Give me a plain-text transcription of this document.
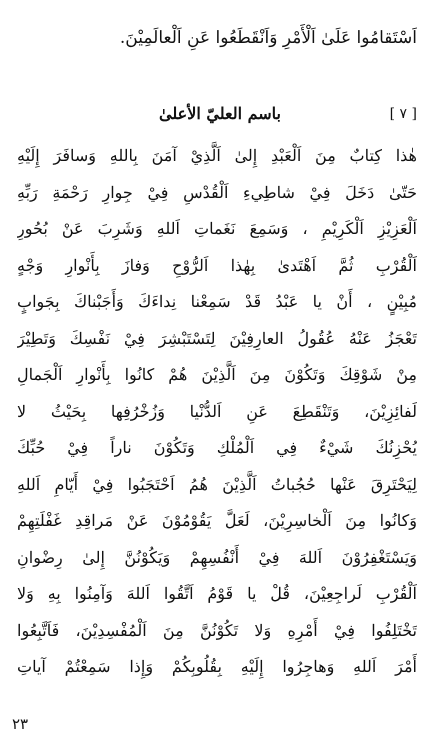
اَسْتَقامُوا عَلَىٰ اَلْأَمْرِ وَاَنْقَطَعُوا عَنِ اَلْعالَمِيْنَ.
[ ٧ ]
باسم العليّ الأعلىٰ
هٰذا كِتابٌ مِنَ اَلْعَبْدِ إِلىٰ اَلَّذِيْ آمَنَ بِاللهِ وَسافَرَ إِلَيْهِ
حَتّىٰ دَخَلَ فِيْ شاطِيءِ اَلْقُدْسِ فِيْ جِوارِ رَحْمَةِ رَبِّهِ
اَلْعَزِيْزِ اَلْكَرِيْمِ ، وَسَمِعَ نَغَماتِ اَللهِ وَشَرِبَ عَنْ بُحُورِ
اَلْقُرْبِ ثُمَّ اَهْتَدىٰ بِهٰذا اَلرُّوْحِ وَفازَ بِأَنْوارِ وَجْهٍ
مُبِيْنٍ ، أَنْ يا عَبْدُ قَدْ سَمِعْنا نِداءَكَ وَأَجَبْناكَ بِجَوابٍ
تَعْجَزُ عَنْهُ عُقُولُ العارِفِيْنَ لِتَسْتَبْشِرَ فِيْ نَفْسِكَ وَتَطِيْرَ
مِنْ شَوْقِكَ وَتَكُوْنَ مِنَ اَلَّذِيْنَ هُمْ كانُوا بِأَنْوارِ اَلْجَمالِ
لَفائِزِيْنَ، وَتَنْقَطِعَ عَنِ اَلدُّنْيا وَزُخْرُفِها بِحَيْثُ لا
يُحْزِنُكَ شَيْءٌ فِي اَلْمُلْكِ وَتَكُوْنَ ناراً فِيْ حُبِّكَ
لِيَحْتَرِقَ عَنْها حُجُباتُ اَلَّذِيْنَ هُمُ اَحْتَجَبُوا فِيْ أَيّامِ اَللهِ
وَكانُوا مِنَ اَلْخاسِرِيْنَ، لَعَلَّ يَقُوْمُوْنَ عَنْ مَراقِدِ غَفْلَتِهِمْ
وَيَسْتَغْفِرُوْنَ اَللهَ فِيْ أَنْفُسِهِمْ وَيَكُوْنُنَّ إِلىٰ رِضْوانِ
اَلْقُرْبِ لَراجِعِيْنَ، قُلْ يا قَوْمُ اَتَّقُوا اَللهَ وَآمِنُوا بِهِ وَلا
تَخْتَلِفُوا فِيْ أَمْرِهِ وَلا تَكُوْنُنَّ مِنَ اَلْمُفْسِدِيْنَ، فَاَتَّبِعُوا
أَمْرَ اَللهِ وَهاجِرُوا إِلَيْهِ بِقُلُوبِكُمْ وَإِذا سَمِعْتُمْ آياتِ
٢٣
